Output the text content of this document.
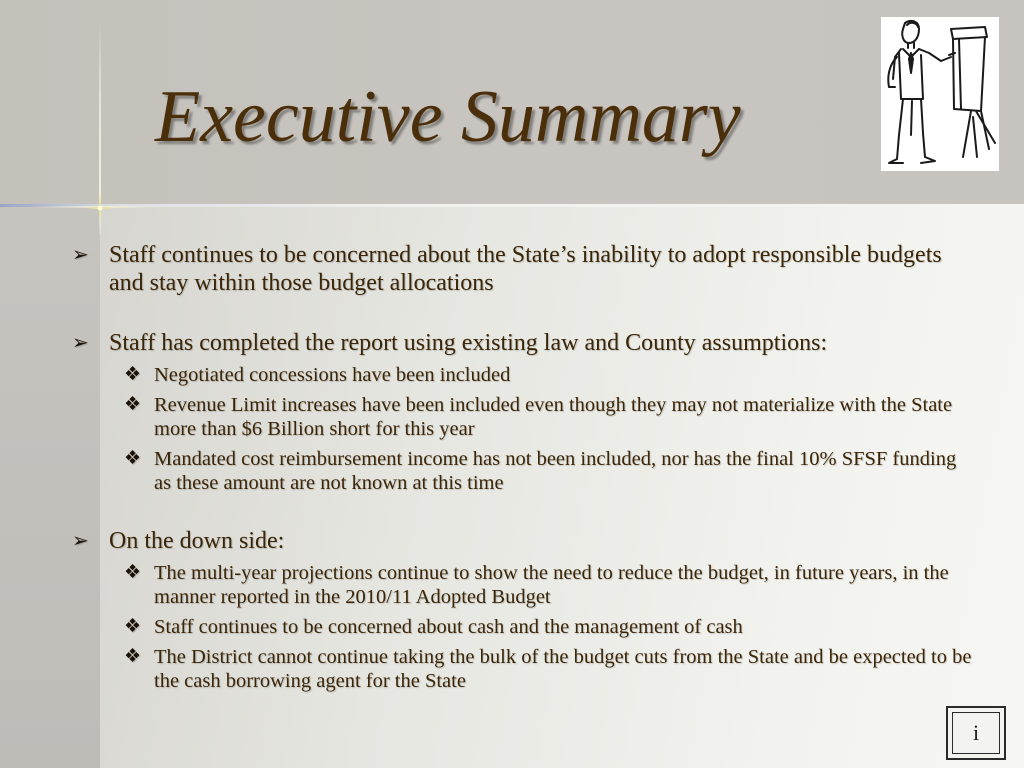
Executive Summary
➢ Staff continues to be concerned about the State’s inability to adopt responsible budgets and stay within those budget allocations
➢ Staff has completed the report using existing law and County assumptions:
❖ Negotiated concessions have been included
❖ Revenue Limit increases have been included even though they may not materialize with the State more than $6 Billion short for this year
❖ Mandated cost reimbursement income has not been included, nor has the final 10% SFSF funding as these amount are not known at this time
➢ On the down side:
❖ The multi-year projections continue to show the need to reduce the budget, in future years, in the manner reported in the 2010/11 Adopted Budget
❖ Staff continues to be concerned about cash and the management of cash
❖ The District cannot continue taking the bulk of the budget cuts from the State and be expected to be the cash borrowing agent for the State
i
